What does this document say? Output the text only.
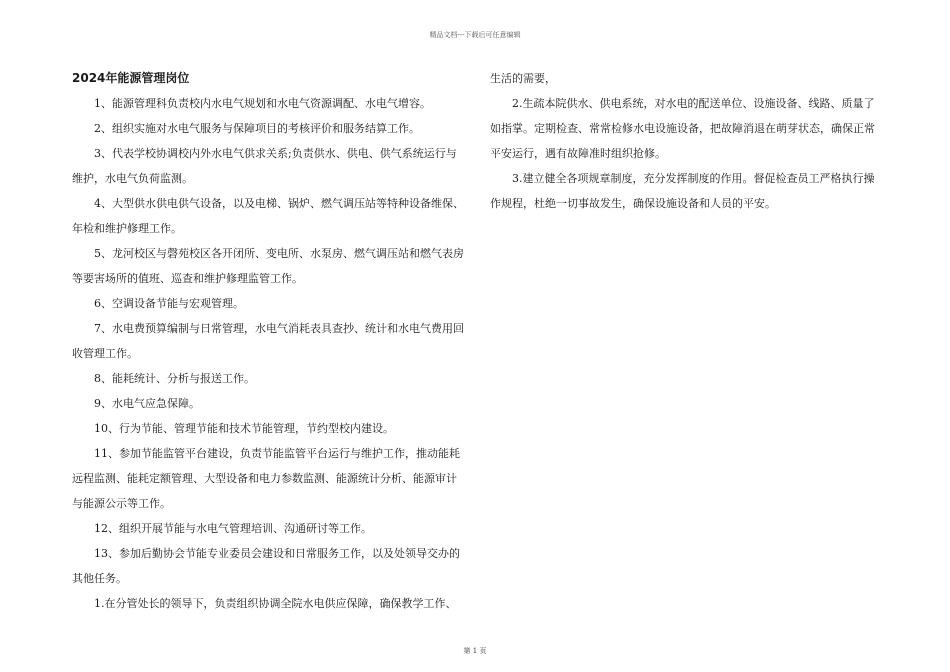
精品文档---下载后可任意编辑

2024年能源管理岗位

1、能源管理科负责校内水电气规划和水电气资源调配、水电气增容。

2、组织实施对水电气服务与保障项目的考核评价和服务结算工作。

3、代表学校协调校内外水电气供求关系;负责供水、供电、供气系统运行与维护，水电气负荷监测。

4、大型供水供电供气设备，以及电梯、锅炉、燃气调压站等特种设备维保、年检和维护修理工作。

5、龙河校区与磬苑校区各开闭所、变电所、水泵房、燃气调压站和燃气表房等要害场所的值班、巡查和维护修理监管工作。

6、空调设备节能与宏观管理。

7、水电费预算编制与日常管理，水电气消耗表具查抄、统计和水电气费用回收管理工作。

8、能耗统计、分析与报送工作。

9、水电气应急保障。

10、行为节能、管理节能和技术节能管理，节约型校内建设。

11、参加节能监管平台建设，负责节能监管平台运行与维护工作，推动能耗远程监测、能耗定额管理、大型设备和电力参数监测、能源统计分析、能源审计与能源公示等工作。

12、组织开展节能与水电气管理培训、沟通研讨等工作。

13、参加后勤协会节能专业委员会建设和日常服务工作，以及处领导交办的其他任务。

1.在分管处长的领导下，负责组织协调全院水电供应保障，确保教学工作、

生活的需要，

2.生疏本院供水、供电系统，对水电的配送单位、设施设备、线路、质量了如指掌。定期检查、常常检修水电设施设备，把故障消退在萌芽状态，确保正常平安运行，遇有故障准时组织抢修。

3.建立健全各项规章制度，充分发挥制度的作用。督促检查员工严格执行操作规程，杜绝一切事故发生，确保设施设备和人员的平安。

第 1 页
